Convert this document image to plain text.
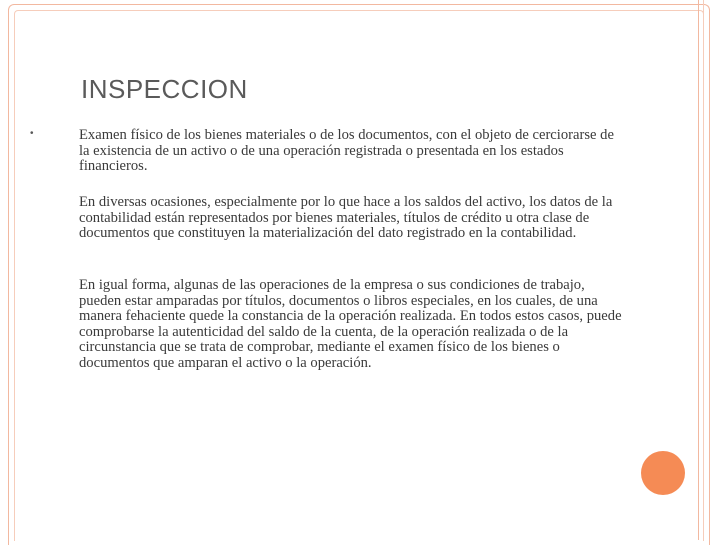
INSPECCION
•	Examen físico de los bienes materiales o de los documentos, con el objeto de cerciorarse de la existencia de un activo o de una operación registrada o presentada en los estados financieros.

En diversas ocasiones, especialmente por lo que hace a los saldos del activo, los datos de la contabilidad están representados por bienes materiales, títulos de crédito u otra clase de documentos que constituyen la materialización del dato registrado en la contabilidad.

En igual forma, algunas de las operaciones de la empresa o sus condiciones de trabajo, pueden estar amparadas por títulos, documentos o libros especiales, en los cuales, de una manera fehaciente quede la constancia de la operación realizada. En todos estos casos, puede comprobarse la autenticidad del saldo de la cuenta, de la operación realizada o de la circunstancia que se trata de comprobar, mediante el examen físico de los bienes o documentos que amparan el activo o la operación.
